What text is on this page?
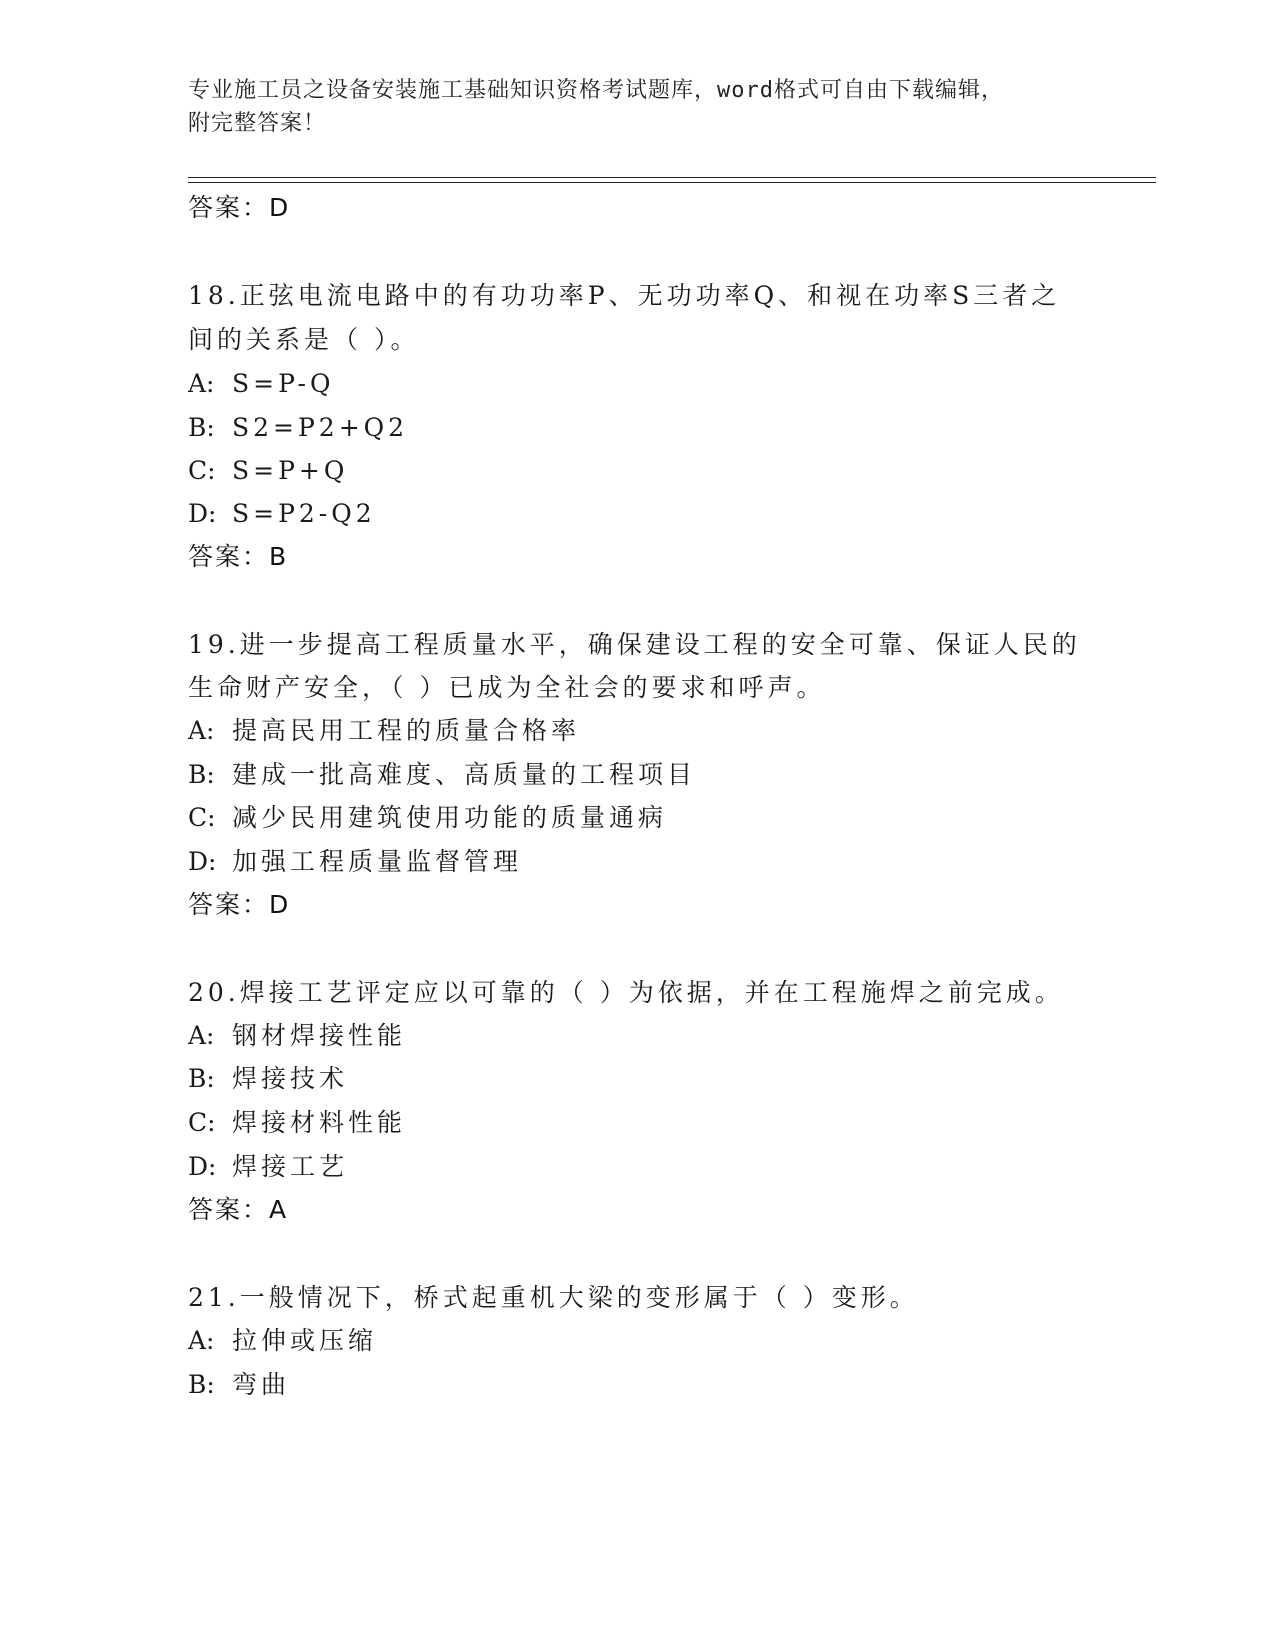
专业施工员之设备安装施工基础知识资格考试题库，word格式可自由下载编辑，
附完整答案！
答案：D
18.正弦电流电路中的有功功率P、无功功率Q、和视在功率S三者之
间的关系是（ ）。
A: S=P-Q
B: S2=P2+Q2
C: S=P+Q
D: S=P2-Q2
答案：B
19.进一步提高工程质量水平，确保建设工程的安全可靠、保证人民的
生命财产安全，（ ）已成为全社会的要求和呼声。
A: 提高民用工程的质量合格率
B: 建成一批高难度、高质量的工程项目
C: 减少民用建筑使用功能的质量通病
D: 加强工程质量监督管理
答案：D
20.焊接工艺评定应以可靠的（ ）为依据，并在工程施焊之前完成。
A: 钢材焊接性能
B: 焊接技术
C: 焊接材料性能
D: 焊接工艺
答案：A
21.一般情况下，桥式起重机大梁的变形属于（ ）变形。
A: 拉伸或压缩
B: 弯曲
